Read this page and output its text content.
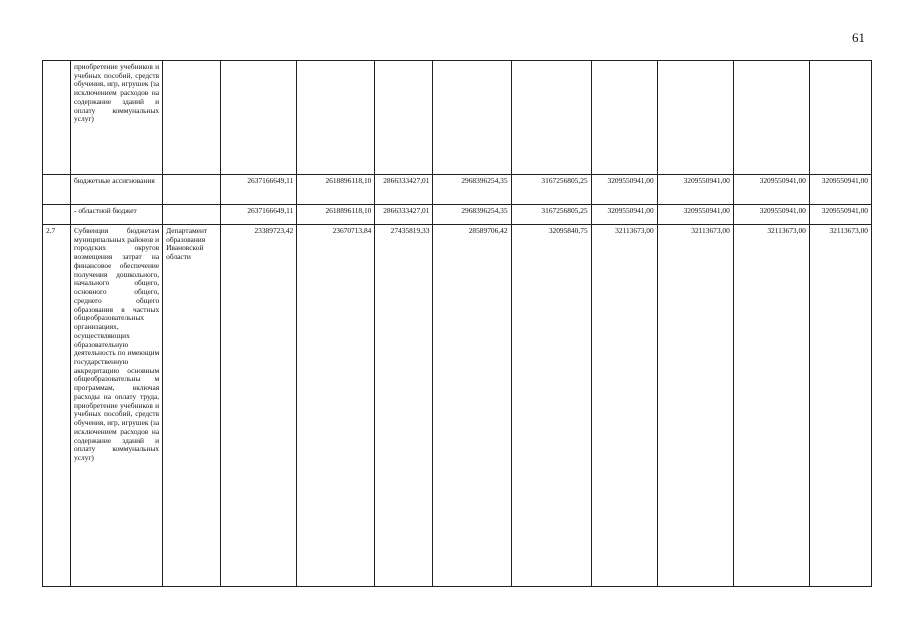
61
	приобретение учебников и учебных пособий, средств обучения, игр, игрушек (за исключением расходов на содержание зданий и оплату коммунальных услуг)										
	бюджетные ассигнования		2637166649,11	2618896118,10	2866333427,01	2968396254,35	3167256805,25	3209550941,00	3209550941,00	3209550941,00	3209550941,00
	- областной бюджет		2637166649,11	2618896118,10	2866333427,01	2968396254,35	3167256805,25	3209550941,00	3209550941,00	3209550941,00	3209550941,00
2.7	Субвенция бюджетам муниципальных районов и городских округов возмещения затрат на финансовое обеспечение получения дошкольного, начального общего, основного общего, среднего общего образования в частных общеобразовательных организациях, осуществляющих образовательную деятельность по имеющим государственную аккредитацию основным общеобразовательны м программам, включая расходы на оплату труда, приобретение учебников и учебных пособий, средств обучения, игр, игрушек (за исключением расходов на содержание зданий и оплату коммунальных услуг)	Департамент образования Ивановской области	23389723,42	23670713,84	27435819,33	28589706,42	32095840,75	32113673,00	32113673,00	32113673,00	32113673,00
